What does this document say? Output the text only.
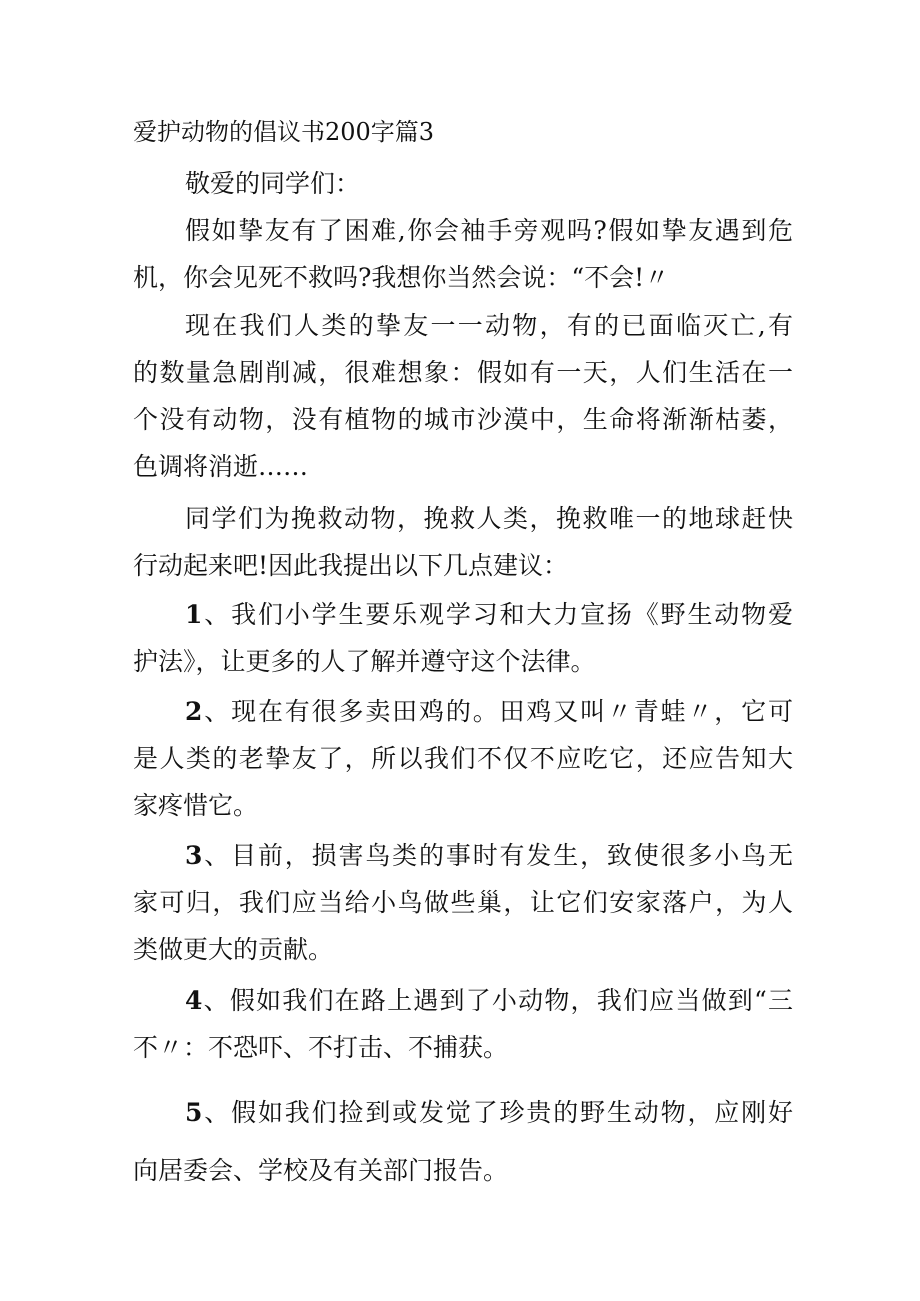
爱护动物的倡议书200字篇3
敬爱的同学们：
假如挚友有了困难,你会袖手旁观吗?假如挚友遇到危
机，你会见死不救吗?我想你当然会说：“不会!〃
现在我们人类的挚友一一动物，有的已面临灭亡,有
的数量急剧削减，很难想象：假如有一天，人们生活在一
个没有动物，没有植物的城市沙漠中，生命将渐渐枯萎，
色调将消逝……
同学们为挽救动物，挽救人类，挽救唯一的地球赶快
行动起来吧!因此我提出以下几点建议：
1、我们小学生要乐观学习和大力宣扬《野生动物爱
护法》，让更多的人了解并遵守这个法律。
2、现在有很多卖田鸡的。田鸡又叫〃青蛙〃，它可
是人类的老挚友了，所以我们不仅不应吃它，还应告知大
家疼惜它。
3、目前，损害鸟类的事时有发生，致使很多小鸟无
家可归，我们应当给小鸟做些巢，让它们安家落户，为人
类做更大的贡献。
4、假如我们在路上遇到了小动物，我们应当做到“三
不〃：不恐吓、不打击、不捕获。
5、假如我们捡到或发觉了珍贵的野生动物，应刚好
向居委会、学校及有关部门报告。
